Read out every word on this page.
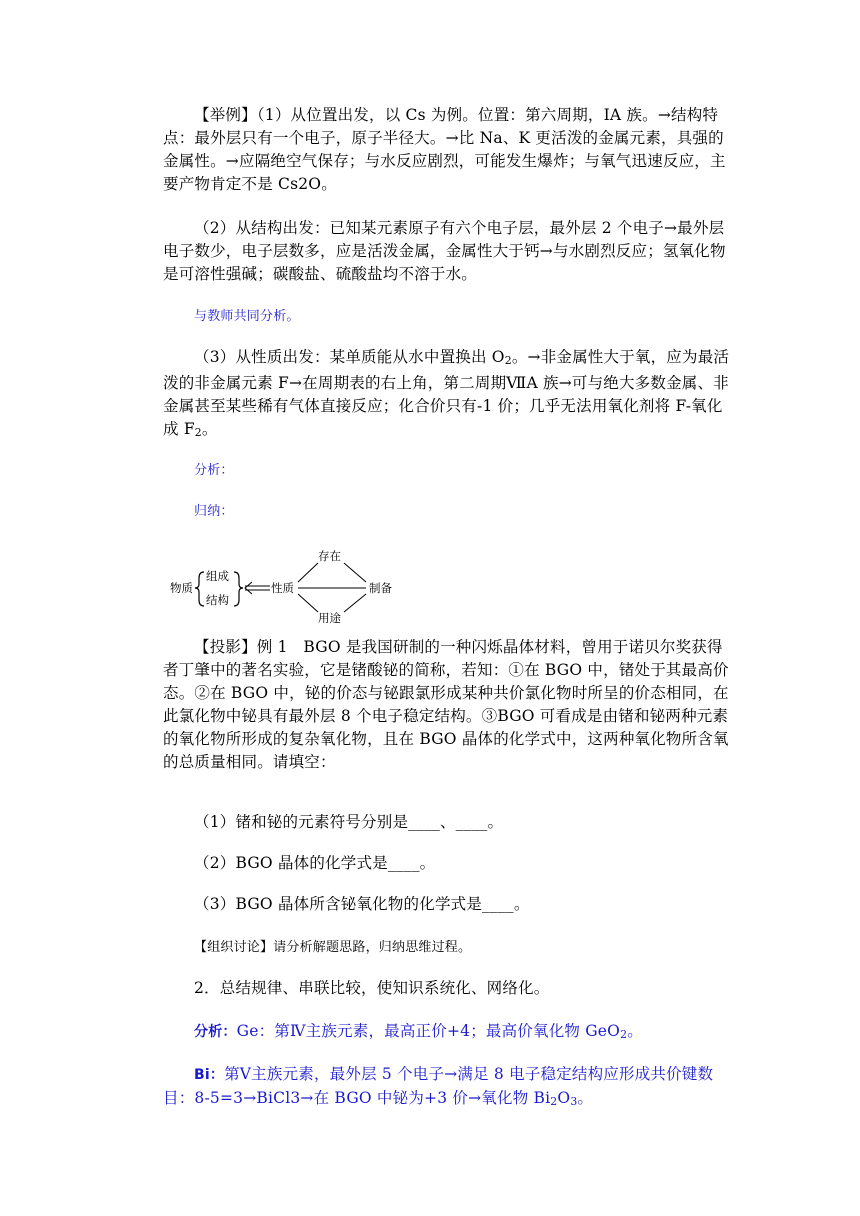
【举例】（1）从位置出发，以 Cs 为例。位置：第六周期，IA 族。→结构特点：最外层只有一个电子，原子半径大。→比 Na、K 更活泼的金属元素，具强的金属性。→应隔绝空气保存；与水反应剧烈，可能发生爆炸；与氧气迅速反应，主要产物肯定不是 Cs2O。
（2）从结构出发：已知某元素原子有六个电子层，最外层 2 个电子→最外层电子数少，电子层数多，应是活泼金属，金属性大于钙→与水剧烈反应；氢氧化物是可溶性强碱；碳酸盐、硫酸盐均不溶于水。
与教师共同分析。
（3）从性质出发：某单质能从水中置换出 $O_2$。→非金属性大于氧，应为最活泼的非金属元素 F→在周期表的右上角，第二周期ⅦA 族→可与绝大多数金属、非金属甚至某些稀有气体直接反应；化合价只有-1 价；几乎无法用氧化剂将 F-氧化成 $F_2$。
分析：
归纳：
物质
组成
结构
性质
存在
制备
用途
【投影】例 1　BGO 是我国研制的一种闪烁晶体材料，曾用于诺贝尔奖获得者丁肇中的著名实验，它是锗酸铋的简称，若知：①在 BGO 中，锗处于其最高价态。②在 BGO 中，铋的价态与铋跟氯形成某种共价氯化物时所呈的价态相同，在此氯化物中铋具有最外层 8 个电子稳定结构。③BGO 可看成是由锗和铋两种元素的氧化物所形成的复杂氧化物，且在 BGO 晶体的化学式中，这两种氧化物所含氧的总质量相同。请填空：
（1）锗和铋的元素符号分别是____、____。
（2）BGO 晶体的化学式是____。
（3）BGO 晶体所含铋氧化物的化学式是____。
【组织讨论】请分析解题思路，归纳思维过程。
2．总结规律、串联比较，使知识系统化、网络化。
分析：Ge：第Ⅳ主族元素，最高正价+4；最高价氧化物 GeO$_2$。
Bi：第Ⅴ主族元素，最外层 5 个电子→满足 8 电子稳定结构应形成共价键数目：8-5=3→BiCl3→在 BGO 中铋为+3 价→氧化物 $Bi_2O_3$。
